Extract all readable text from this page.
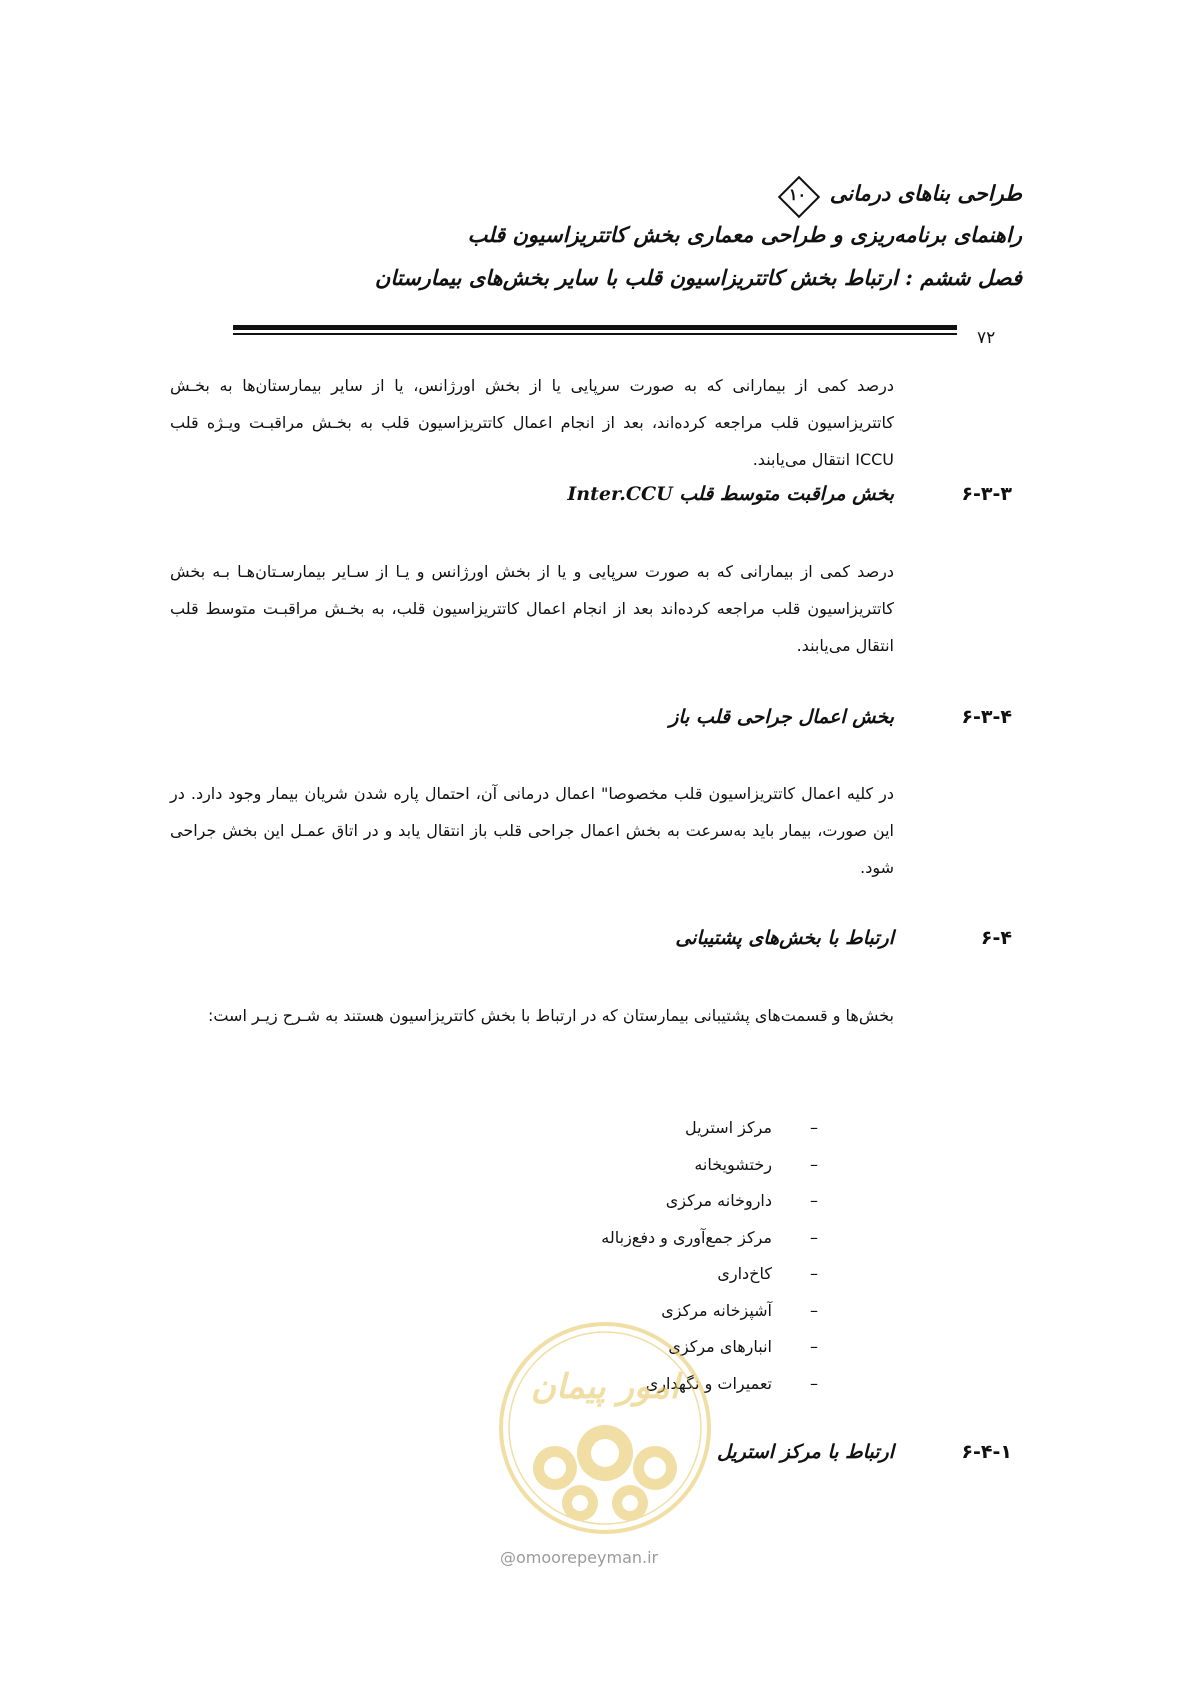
طراحی بناهای درمانی
۱۰
راهنمای برنامه‌ریزی و طراحی معماری بخش کاتتریزاسیون قلب
فصل ششم : ارتباط بخش کاتتریزاسیون قلب با سایر بخش‌های بیمارستان
۷۲
درصد کمی از بیمارانی که به صورت سرپایی یا از بخش اورژانس، یا از سایر بیمارستان‌ها به بخـش کاتتریزاسیون قلب مراجعه کرده‌اند، بعد از انجام اعمال کاتتریزاسیون قلب به بخـش مراقبـت ویـژه قلب ICCU انتقال می‌یابند.
۶-۳-۳
بخش مراقبت متوسط قلب Inter.CCU
درصد کمی از بیمارانی که به صورت سرپایی و یا از بخش اورژانس و یـا از سـایر بیمارسـتان‌هـا بـه بخش کاتتریزاسیون قلب مراجعه کرده‌اند بعد از انجام اعمال کاتتریزاسیون قلب، به بخـش مراقبـت متوسط قلب انتقال می‌یابند.
۶-۳-۴
بخش اعمال جراحی قلب باز
در کلیه اعمال کاتتریزاسیون قلب مخصوصا" اعمال درمانی آن، احتمال پاره شدن شریان بیمار وجود دارد. در این صورت، بیمار باید به‌سرعت به بخش اعمال جراحی قلب باز انتقال یابد و در اتاق عمـل این بخش جراحی شود.
۶-۴
ارتباط با بخش‌های پشتیبانی
بخش‌ها و قسمت‌های پشتیبانی بیمارستان که در ارتباط با بخش کاتتریزاسیون هستند به شـرح زیـر است:
–مرکز استریل
–رختشویخانه
–داروخانه مرکزی
–مرکز جمع‌آوری و دفع‌زباله
–کاخ‌داری
–آشپزخانه مرکزی
–انبارهای مرکزی
–تعمیرات و نگهداری
۶-۴-۱
ارتباط با مرکز استریل
امور پیمان
@omoorepeyman.ir
